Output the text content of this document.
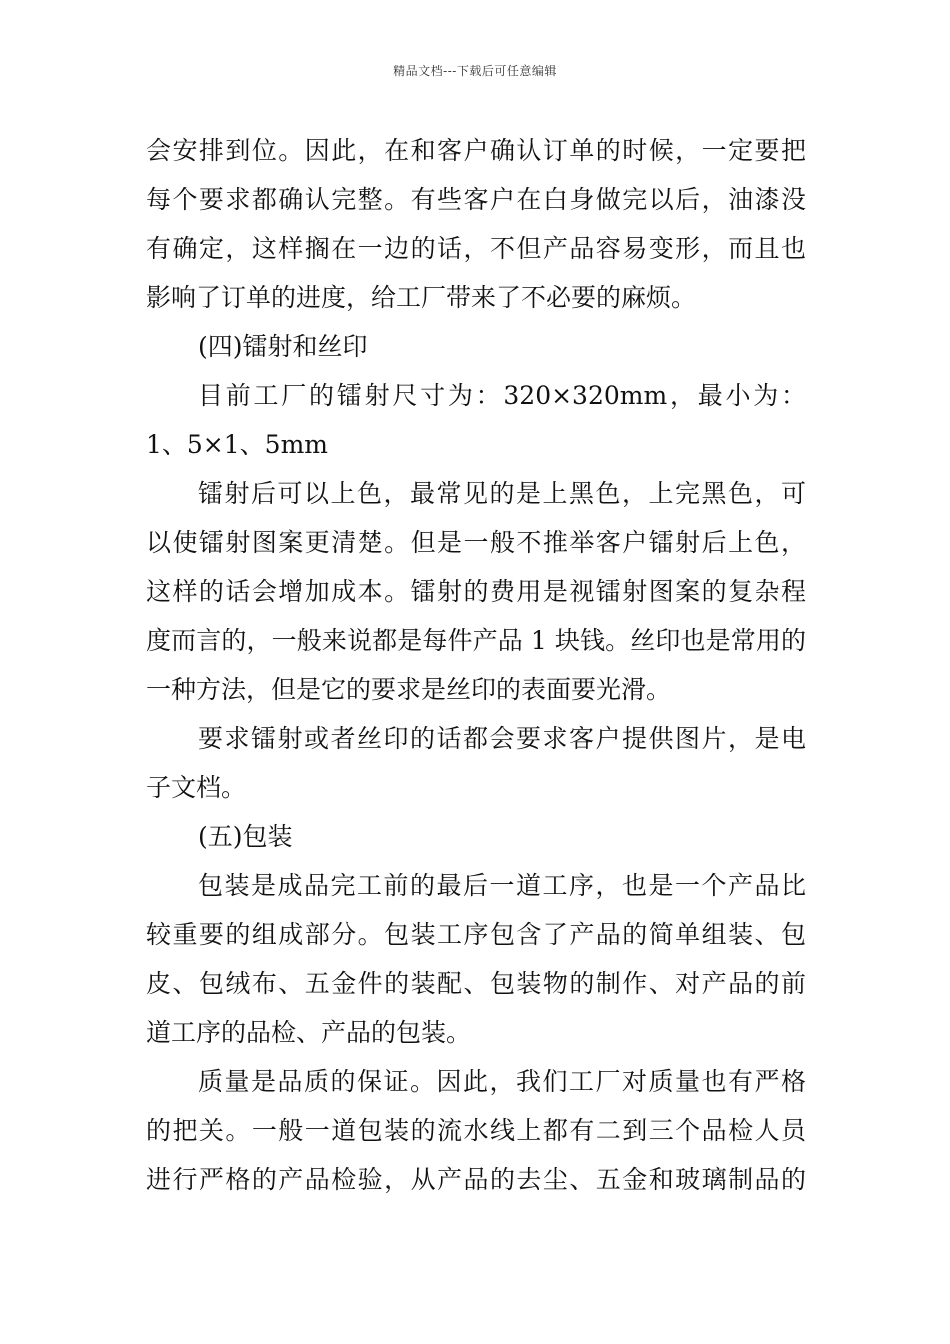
精品文档---下载后可任意编辑
会安排到位。因此，在和客户确认订单的时候，一定要把
每个要求都确认完整。有些客户在白身做完以后，油漆没
有确定，这样搁在一边的话，不但产品容易变形，而且也
影响了订单的进度，给工厂带来了不必要的麻烦。
(四)镭射和丝印
目前工厂的镭射尺寸为：320×320mm，最小为：
1、5×1、5mm
镭射后可以上色，最常见的是上黑色，上完黑色，可
以使镭射图案更清楚。但是一般不推举客户镭射后上色，
这样的话会增加成本。镭射的费用是视镭射图案的复杂程
度而言的，一般来说都是每件产品 1 块钱。丝印也是常用的
一种方法，但是它的要求是丝印的表面要光滑。
要求镭射或者丝印的话都会要求客户提供图片，是电
子文档。
(五)包装
包装是成品完工前的最后一道工序，也是一个产品比
较重要的组成部分。包装工序包含了产品的简单组装、包
皮、包绒布、五金件的装配、包装物的制作、对产品的前
道工序的品检、产品的包装。
质量是品质的保证。因此，我们工厂对质量也有严格
的把关。一般一道包装的流水线上都有二到三个品检人员
进行严格的产品检验，从产品的去尘、五金和玻璃制品的
